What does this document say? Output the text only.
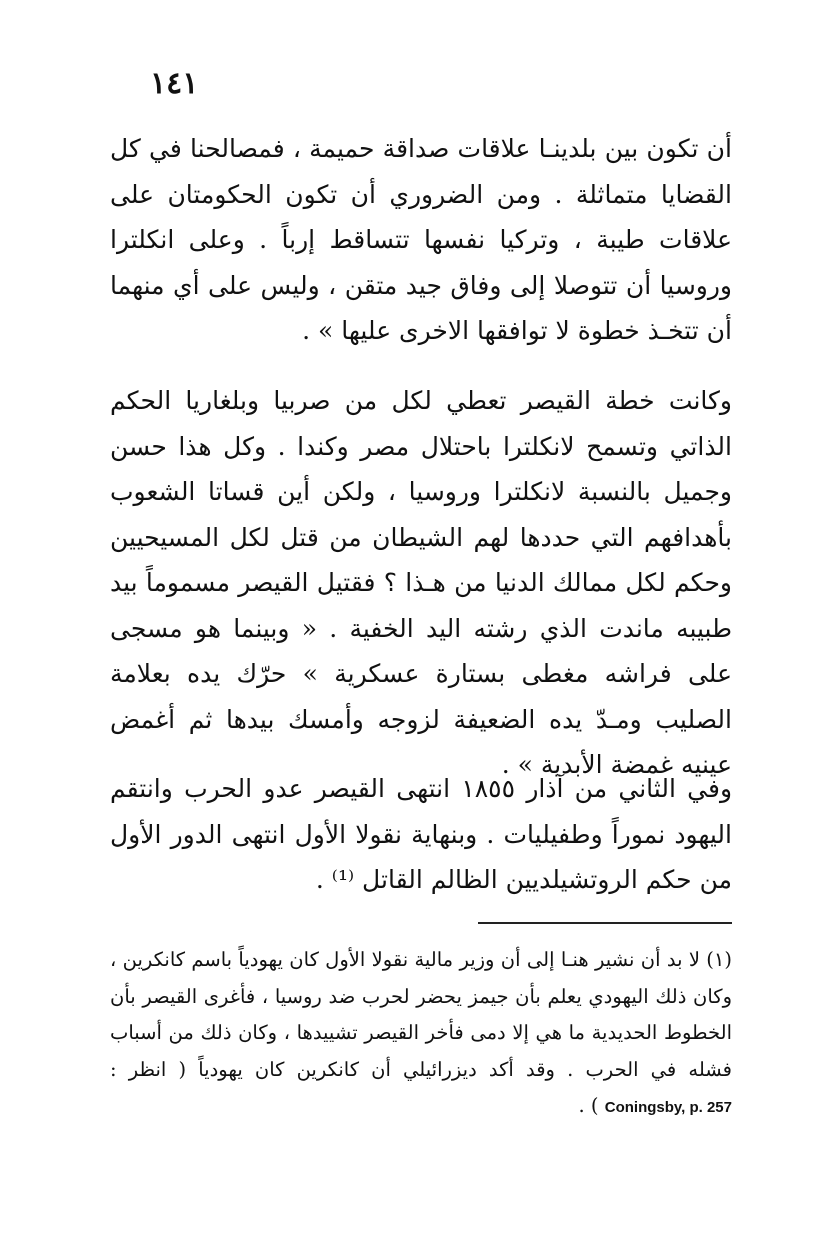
١٤١

أن تكون بين بلدينـا علاقات صداقة حميمة ، فمصالحنا في كل القضايا متماثلة . ومن الضروري أن تكون الحكومتان على علاقات طيبة ، وتركيا نفسها تتساقط إرباً . وعلى انكلترا وروسيا أن تتوصلا إلى وفاق جيد متقن ، وليس على أي منهما أن تتخـذ خطوة لا توافقها الاخرى عليها » .

وكانت خطة القيصر تعطي لكل من صربيا وبلغاريا الحكم الذاتي وتسمح لانكلترا باحتلال مصر وكندا . وكل هذا حسن وجميل بالنسبة لانكلترا وروسيا ، ولكن أين قساتا الشعوب بأهدافهم التي حددها لهم الشيطان من قتل لكل المسيحيين وحكم لكل ممالك الدنيا من هـذا ؟ فقتيل القيصر مسموماً بيد طبيبه ماندت الذي رشته اليد الخفية . « وبينما هو مسجى على فراشه مغطى بستارة عسكرية » حرّك يده بعلامة الصليب ومـدّ يده الضعيفة لزوجه وأمسك بيدها ثم أغمض عينيه غمضة الأبدية » .

وفي الثاني من آذار ١٨٥٥ انتهى القيصر عدو الحرب وانتقم اليهود نموراً وطفيليات . وبنهاية نقولا الأول انتهى الدور الأول من حكم الروتشيلديين الظالم القاتل ⁽¹⁾ .

(١) لا بد أن نشير هنـا إلى أن وزير مالية نقولا الأول كان يهودياً باسم كانكرين ، وكان ذلك اليهودي يعلم بأن جيمز يحضر لحرب ضد روسيا ، فأغرى القيصر بأن الخطوط الحديدية ما هي إلا دمى فأخر القيصر تشييدها ، وكان ذلك من أسباب فشله في الحرب . وقد أكد ديزرائيلي أن كانكرين كان يهودياً ( انظر : Coningsby, p. 257 ) .
